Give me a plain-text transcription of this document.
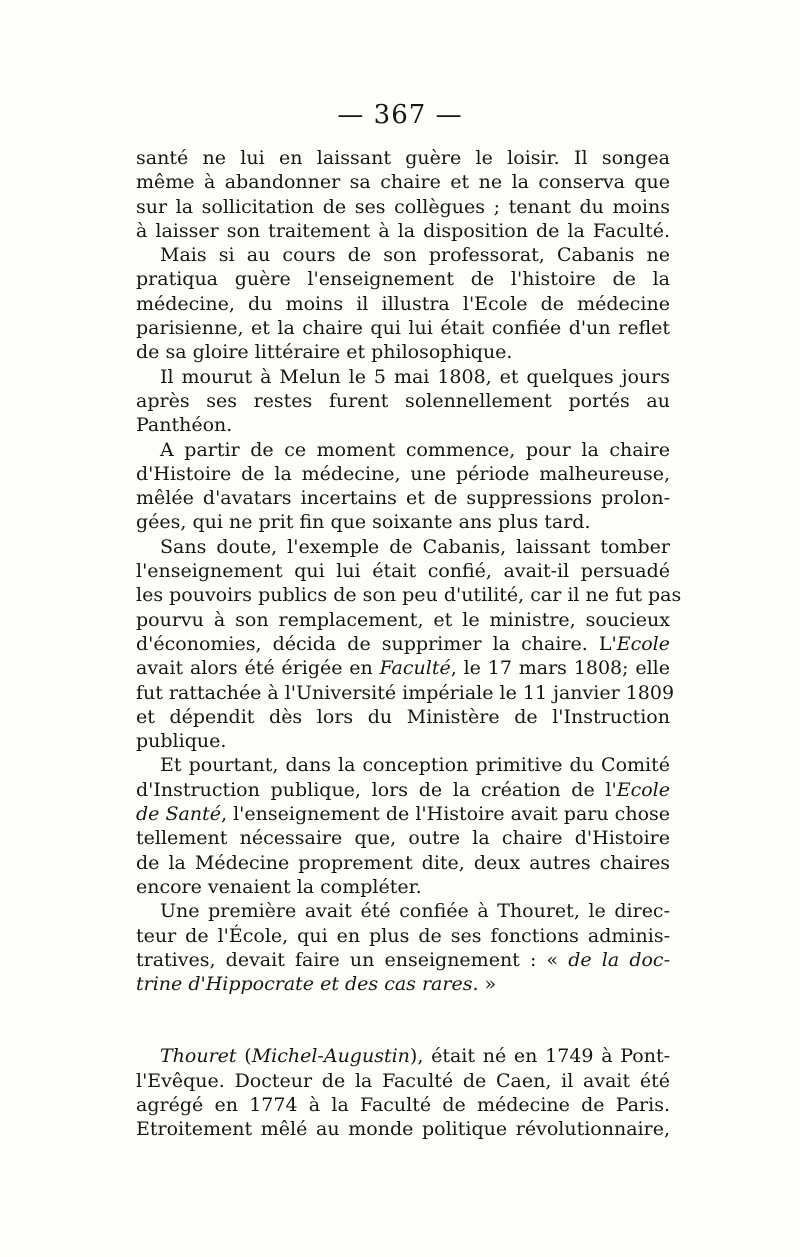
— 367 —
santé ne lui en laissant guère le loisir. Il songea
même à abandonner sa chaire et ne la conserva que
sur la sollicitation de ses collègues ; tenant du moins
à laisser son traitement à la disposition de la Faculté.
Mais si au cours de son professorat, Cabanis ne
pratiqua guère l'enseignement de l'histoire de la
médecine, du moins il illustra l'Ecole de médecine
parisienne, et la chaire qui lui était confiée d'un reflet
de sa gloire littéraire et philosophique.
Il mourut à Melun le 5 mai 1808, et quelques jours
après ses restes furent solennellement portés au
Panthéon.
A partir de ce moment commence, pour la chaire
d'Histoire de la médecine, une période malheureuse,
mêlée d'avatars incertains et de suppressions prolon-
gées, qui ne prit fin que soixante ans plus tard.
Sans doute, l'exemple de Cabanis, laissant tomber
l'enseignement qui lui était confié, avait-il persuadé
les pouvoirs publics de son peu d'utilité, car il ne fut pas
pourvu à son remplacement, et le ministre, soucieux
d'économies, décida de supprimer la chaire. L'Ecole
avait alors été érigée en Faculté, le 17 mars 1808; elle
fut rattachée à l'Université impériale le 11 janvier 1809
et dépendit dès lors du Ministère de l'Instruction
publique.
Et pourtant, dans la conception primitive du Comité
d'Instruction publique, lors de la création de l'Ecole
de Santé, l'enseignement de l'Histoire avait paru chose
tellement nécessaire que, outre la chaire d'Histoire
de la Médecine proprement dite, deux autres chaires
encore venaient la compléter.
Une première avait été confiée à Thouret, le direc-
teur de l'École, qui en plus de ses fonctions adminis-
tratives, devait faire un enseignement : « de la doc-
trine d'Hippocrate et des cas rares. »
Thouret (Michel-Augustin), était né en 1749 à Pont-
l'Evêque. Docteur de la Faculté de Caen, il avait été
agrégé en 1774 à la Faculté de médecine de Paris.
Etroitement mêlé au monde politique révolutionnaire,
